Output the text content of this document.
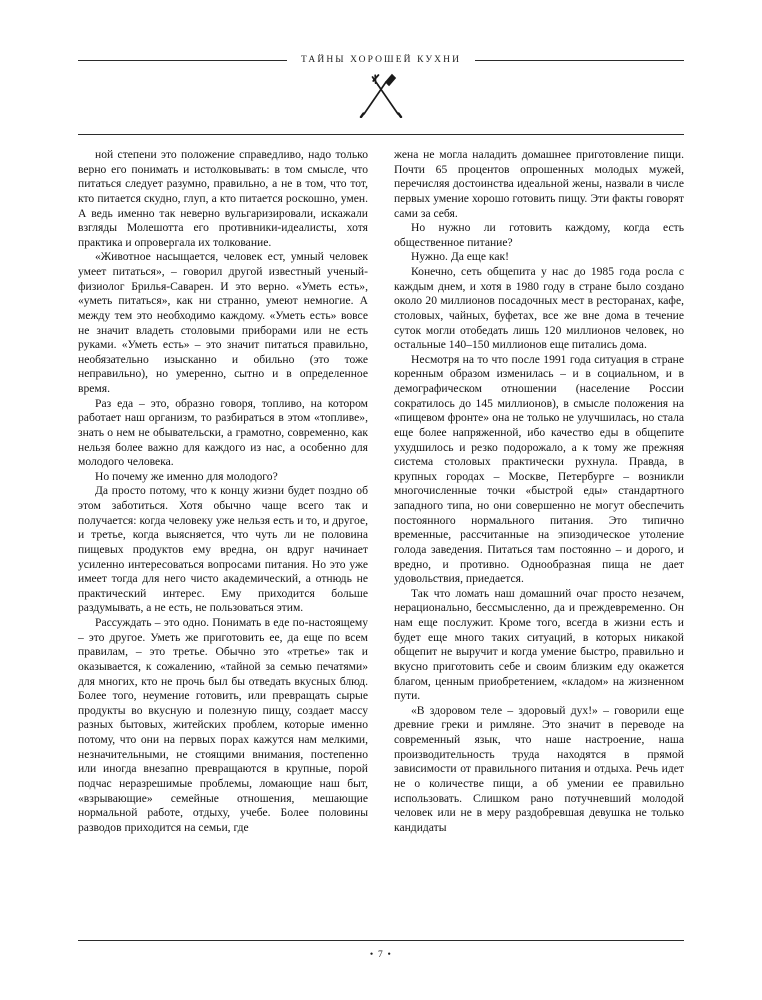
ТАЙНЫ ХОРОШЕЙ КУХНИ

ной степени это положение справедливо, надо только верно его понимать и истолковывать: в том смысле, что питаться следует разумно, правильно, а не в том, что тот, кто питается скудно, глуп, а кто питается роскошно, умен. А ведь именно так неверно вульгаризировали, искажали взгляды Молешотта его противники-идеалисты, хотя практика и опровергала их толкование.

«Животное насыщается, человек ест, умный человек умеет питаться», – говорил другой известный ученый-физиолог Брилья-Саварен. И это верно. «Уметь есть», «уметь питаться», как ни странно, умеют немногие. А между тем это необходимо каждому. «Уметь есть» вовсе не значит владеть столовыми приборами или не есть руками. «Уметь есть» – это значит питаться правильно, необязательно изысканно и обильно (это тоже неправильно), но умеренно, сытно и в определенное время.

Раз еда – это, образно говоря, топливо, на котором работает наш организм, то разбираться в этом «топливе», знать о нем не обывательски, а грамотно, современно, как нельзя более важно для каждого из нас, а особенно для молодого человека.

Но почему же именно для молодого?

Да просто потому, что к концу жизни будет поздно об этом заботиться. Хотя обычно чаще всего так и получается: когда человеку уже нельзя есть и то, и другое, и третье, когда выясняется, что чуть ли не половина пищевых продуктов ему вредна, он вдруг начинает усиленно интересоваться вопросами питания. Но это уже имеет тогда для него чисто академический, а отнюдь не практический интерес. Ему приходится больше раздумывать, а не есть, не пользоваться этим.

Рассуждать – это одно. Понимать в еде по-настоящему – это другое. Уметь же приготовить ее, да еще по всем правилам, – это третье. Обычно это «третье» так и оказывается, к сожалению, «тайной за семью печатями» для многих, кто не прочь был бы отведать вкусных блюд. Более того, неумение готовить, или превращать сырые продукты во вкусную и полезную пищу, создает массу разных бытовых, житейских проблем, которые именно потому, что они на первых порах кажутся нам мелкими, незначительными, не стоящими внимания, постепенно или иногда внезапно превращаются в крупные, порой подчас неразрешимые проблемы, ломающие наш быт, «взрывающие» семейные отношения, мешающие нормальной работе, отдыху, учебе. Более половины разводов приходится на семьи, где

жена не могла наладить домашнее приготовление пищи. Почти 65 процентов опрошенных молодых мужей, перечисляя достоинства идеальной жены, назвали в числе первых умение хорошо готовить пищу. Эти факты говорят сами за себя.

Но нужно ли готовить каждому, когда есть общественное питание?

Нужно. Да еще как!

Конечно, сеть общепита у нас до 1985 года росла с каждым днем, и хотя в 1980 году в стране было создано около 20 миллионов посадочных мест в ресторанах, кафе, столовых, чайных, буфетах, все же вне дома в течение суток могли отобедать лишь 120 миллионов человек, но остальные 140–150 миллионов еще питались дома.

Несмотря на то что после 1991 года ситуация в стране коренным образом изменилась – и в социальном, и в демографическом отношении (население России сократилось до 145 миллионов), в смысле положения на «пищевом фронте» она не только не улучшилась, но стала еще более напряженной, ибо качество еды в общепите ухудшилось и резко подорожало, а к тому же прежняя система столовых практически рухнула. Правда, в крупных городах – Москве, Петербурге – возникли многочисленные точки «быстрой еды» стандартного западного типа, но они совершенно не могут обеспечить постоянного нормального питания. Это типично временные, рассчитанные на эпизодическое утоление голода заведения. Питаться там постоянно – и дорого, и вредно, и противно. Однообразная пища не дает удовольствия, приедается.

Так что ломать наш домашний очаг просто незачем, нерационально, бессмысленно, да и преждевременно. Он нам еще послужит. Кроме того, всегда в жизни есть и будет еще много таких ситуаций, в которых никакой общепит не выручит и когда умение быстро, правильно и вкусно приготовить себе и своим близким еду окажется благом, ценным приобретением, «кладом» на жизненном пути.

«В здоровом теле – здоровый дух!» – говорили еще древние греки и римляне. Это значит в переводе на современный язык, что наше настроение, наша производительность труда находятся в прямой зависимости от правильного питания и отдыха. Речь идет не о количестве пищи, а об умении ее правильно использовать. Слишком рано потучневший молодой человек или не в меру раздобревшая девушка не только кандидаты

• 7 •
